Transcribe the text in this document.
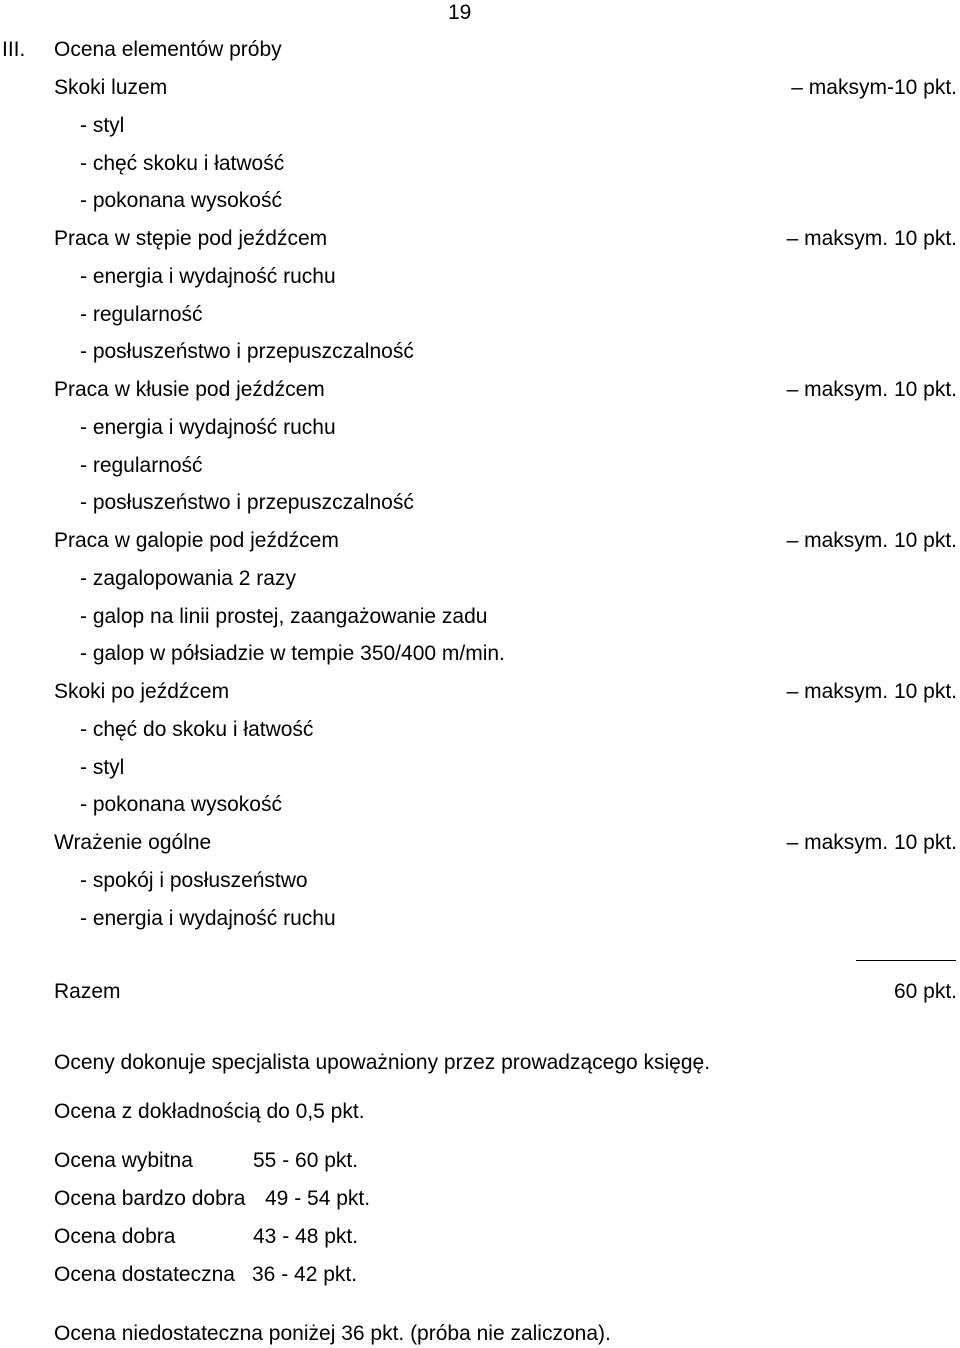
19
III. Ocena elementów próby
Skoki luzem	– maksym-10 pkt.
- styl
- chęć skoku i łatwość
- pokonana wysokość
Praca w stępie pod jeźdźcem	– maksym. 10 pkt.
- energia i wydajność ruchu
- regularność
- posłuszeństwo i przepuszczalność
Praca w kłusie pod jeźdźcem	– maksym. 10 pkt.
- energia i wydajność ruchu
- regularność
- posłuszeństwo i przepuszczalność
Praca w galopie pod jeźdźcem	– maksym. 10 pkt.
- zagalopowania 2 razy
- galop na linii prostej, zaangażowanie zadu
- galop w półsiadzie w tempie 350/400 m/min.
Skoki po jeźdźcem	– maksym. 10 pkt.
- chęć do skoku i łatwość
- styl
- pokonana wysokość
Wrażenie ogólne	– maksym. 10 pkt.
- spokój i posłuszeństwo
- energia i wydajność ruchu
Razem	60 pkt.
Oceny dokonuje specjalista upoważniony przez prowadzącego księgę.
Ocena z dokładnością do 0,5 pkt.
Ocena wybitna	55 - 60 pkt.
Ocena bardzo dobra 49 - 54 pkt.
Ocena dobra	43 - 48 pkt.
Ocena dostateczna 36 - 42 pkt.
Ocena niedostateczna poniżej 36 pkt. (próba nie zaliczona).
